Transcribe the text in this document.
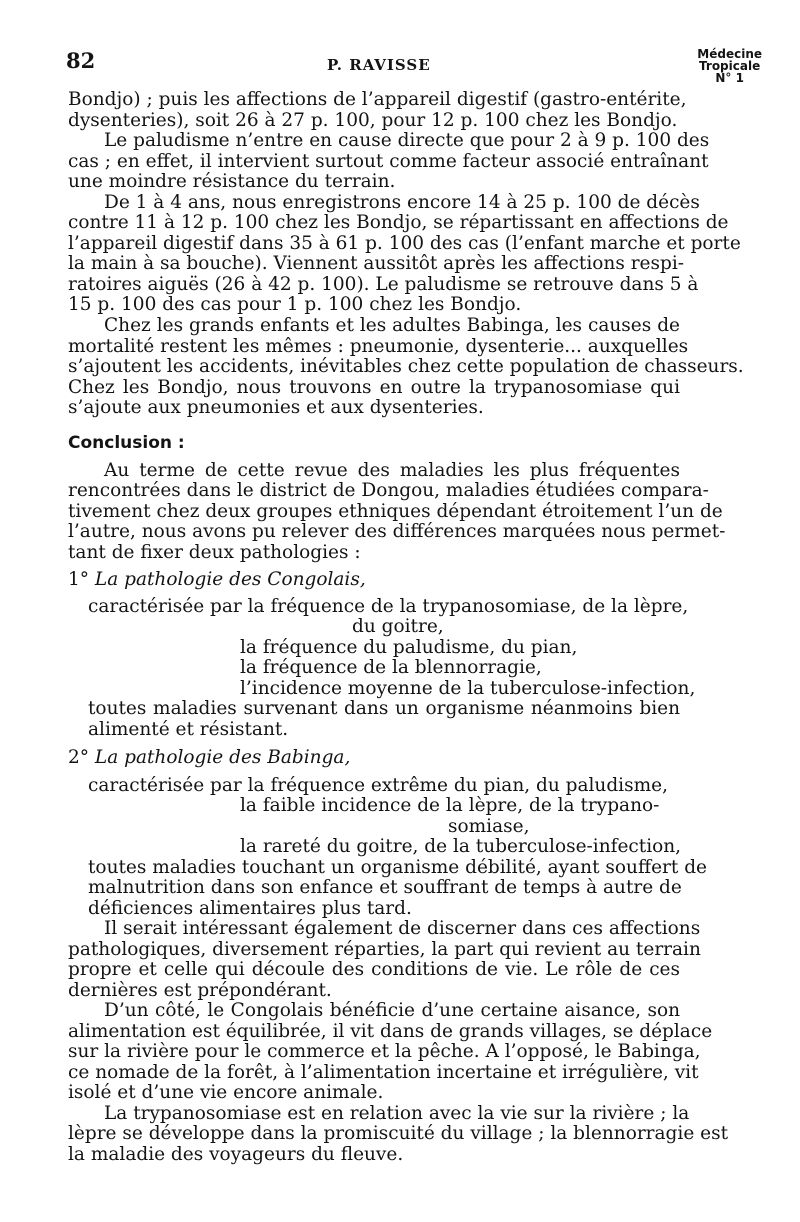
82	P. RAVISSE
Médecine
Tropicale
N° 1
Bondjo) ; puis les affections de l’appareil digestif (gastro-entérite,
dysenteries), soit 26 à 27 p. 100, pour 12 p. 100 chez les Bondjo.
Le paludisme n’entre en cause directe que pour 2 à 9 p. 100 des
cas ; en effet, il intervient surtout comme facteur associé entraînant
une moindre résistance du terrain.
De 1 à 4 ans, nous enregistrons encore 14 à 25 p. 100 de décès
contre 11 à 12 p. 100 chez les Bondjo, se répartissant en affections de
l’appareil digestif dans 35 à 61 p. 100 des cas (l’enfant marche et porte
la main à sa bouche). Viennent aussitôt après les affections respi-
ratoires aiguës (26 à 42 p. 100). Le paludisme se retrouve dans 5 à
15 p. 100 des cas pour 1 p. 100 chez les Bondjo.
Chez les grands enfants et les adultes Babinga, les causes de
mortalité restent les mêmes : pneumonie, dysenterie... auxquelles
s’ajoutent les accidents, inévitables chez cette population de chasseurs.
Chez les Bondjo, nous trouvons en outre la trypanosomiase qui
s’ajoute aux pneumonies et aux dysenteries.
Conclusion :
Au terme de cette revue des maladies les plus fréquentes
rencontrées dans le district de Dongou, maladies étudiées compara-
tivement chez deux groupes ethniques dépendant étroitement l’un de
l’autre, nous avons pu relever des différences marquées nous permet-
tant de fixer deux pathologies :
1° La pathologie des Congolais,
caractérisée par la fréquence de la trypanosomiase, de la lèpre,
du goitre,
la fréquence du paludisme, du pian,
la fréquence de la blennorragie,
l’incidence moyenne de la tuberculose-infection,
toutes maladies survenant dans un organisme néanmoins bien
alimenté et résistant.
2° La pathologie des Babinga,
caractérisée par la fréquence extrême du pian, du paludisme,
la faible incidence de la lèpre, de la trypano-
somiase,
la rareté du goitre, de la tuberculose-infection,
toutes maladies touchant un organisme débilité, ayant souffert de
malnutrition dans son enfance et souffrant de temps à autre de
déficiences alimentaires plus tard.
Il serait intéressant également de discerner dans ces affections
pathologiques, diversement réparties, la part qui revient au terrain
propre et celle qui découle des conditions de vie. Le rôle de ces
dernières est prépondérant.
D’un côté, le Congolais bénéficie d’une certaine aisance, son
alimentation est équilibrée, il vit dans de grands villages, se déplace
sur la rivière pour le commerce et la pêche. A l’opposé, le Babinga,
ce nomade de la forêt, à l’alimentation incertaine et irrégulière, vit
isolé et d’une vie encore animale.
La trypanosomiase est en relation avec la vie sur la rivière ; la
lèpre se développe dans la promiscuité du village ; la blennorragie est
la maladie des voyageurs du fleuve.
